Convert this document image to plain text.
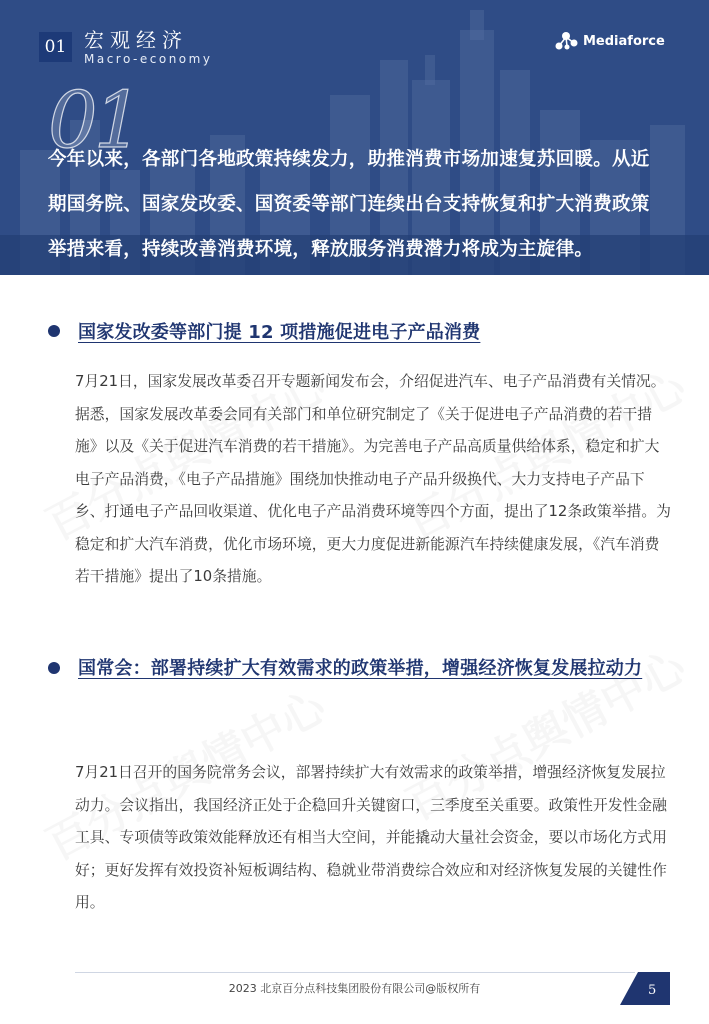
01 宏观经济
Macro-economy
Mediaforce
01
今年以来，各部门各地政策持续发力，助推消费市场加速复苏回暖。从近期国务院、国家发改委、国资委等部门连续出台支持恢复和扩大消费政策举措来看，持续改善消费环境，释放服务消费潜力将成为主旋律。
国家发改委等部门提 12 项措施促进电子产品消费
7月21日，国家发展改革委召开专题新闻发布会，介绍促进汽车、电子产品消费有关情况。据悉，国家发展改革委会同有关部门和单位研究制定了《关于促进电子产品消费的若干措施》以及《关于促进汽车消费的若干措施》。为完善电子产品高质量供给体系，稳定和扩大电子产品消费，《电子产品措施》围绕加快推动电子产品升级换代、大力支持电子产品下乡、打通电子产品回收渠道、优化电子产品消费环境等四个方面，提出了12条政策举措。为稳定和扩大汽车消费，优化市场环境，更大力度促进新能源汽车持续健康发展，《汽车消费若干措施》提出了10条措施。
国常会：部署持续扩大有效需求的政策举措，增强经济恢复发展拉动力
7月21日召开的国务院常务会议，部署持续扩大有效需求的政策举措，增强经济恢复发展拉动力。会议指出，我国经济正处于企稳回升关键窗口，三季度至关重要。政策性开发性金融工具、专项债等政策效能释放还有相当大空间，并能撬动大量社会资金，要以市场化方式用好；更好发挥有效投资补短板调结构、稳就业带消费综合效应和对经济恢复发展的关键性作用。
2023 北京百分点科技集团股份有限公司@版权所有	5
